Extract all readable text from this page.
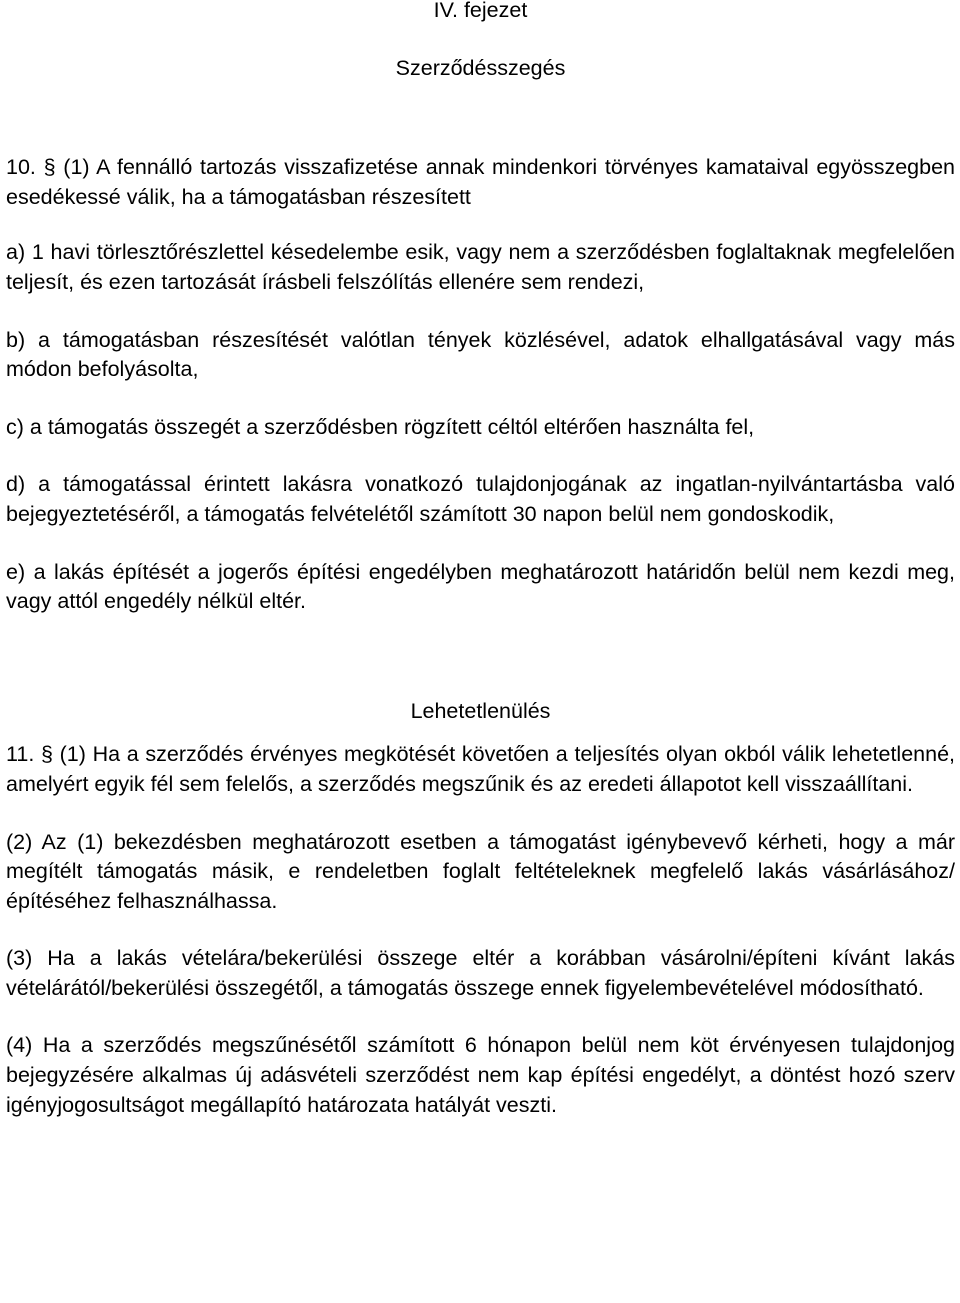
IV. fejezet
Szerződésszegés

10. § (1) A fennálló tartozás visszafizetése annak mindenkori törvényes kamataival egyösszegben esedékessé válik, ha a támogatásban részesített

a) 1 havi törlesztőrészlettel késedelembe esik, vagy nem a szerződésben foglaltaknak megfelelően teljesít, és ezen tartozását írásbeli felszólítás ellenére sem rendezi,

b) a támogatásban részesítését valótlan tények közlésével, adatok elhallgatásával vagy más módon befolyásolta,

c) a támogatás összegét a szerződésben rögzített céltól eltérően használta fel,

d) a támogatással érintett lakásra vonatkozó tulajdonjogának az ingatlan-nyilvántartásba való bejegyeztetéséről, a támogatás felvételétől számított 30 napon belül nem gondoskodik,

e) a lakás építését a jogerős építési engedélyben meghatározott határidőn belül nem kezdi meg, vagy attól engedély nélkül eltér.

Lehetetlenülés

11. § (1) Ha a szerződés érvényes megkötését követően a teljesítés olyan okból válik lehetetlenné, amelyért egyik fél sem felelős, a szerződés megszűnik és az eredeti állapotot kell visszaállítani.

(2) Az (1) bekezdésben meghatározott esetben a támogatást igénybevevő kérheti, hogy a már megítélt támogatás másik, e rendeletben foglalt feltételeknek megfelelő lakás vásárlásához/építéséhez felhasználhassa.

(3) Ha a lakás vételára/bekerülési összege eltér a korábban vásárolni/építeni kívánt lakás vételárától/bekerülési összegétől, a támogatás összege ennek figyelembevételével módosítható.

(4) Ha a szerződés megszűnésétől számított 6 hónapon belül nem köt érvényesen tulajdonjog bejegyzésére alkalmas új adásvételi szerződést nem kap építési engedélyt, a döntést hozó szerv igényjogosultságot megállapító határozata hatályát veszti.
